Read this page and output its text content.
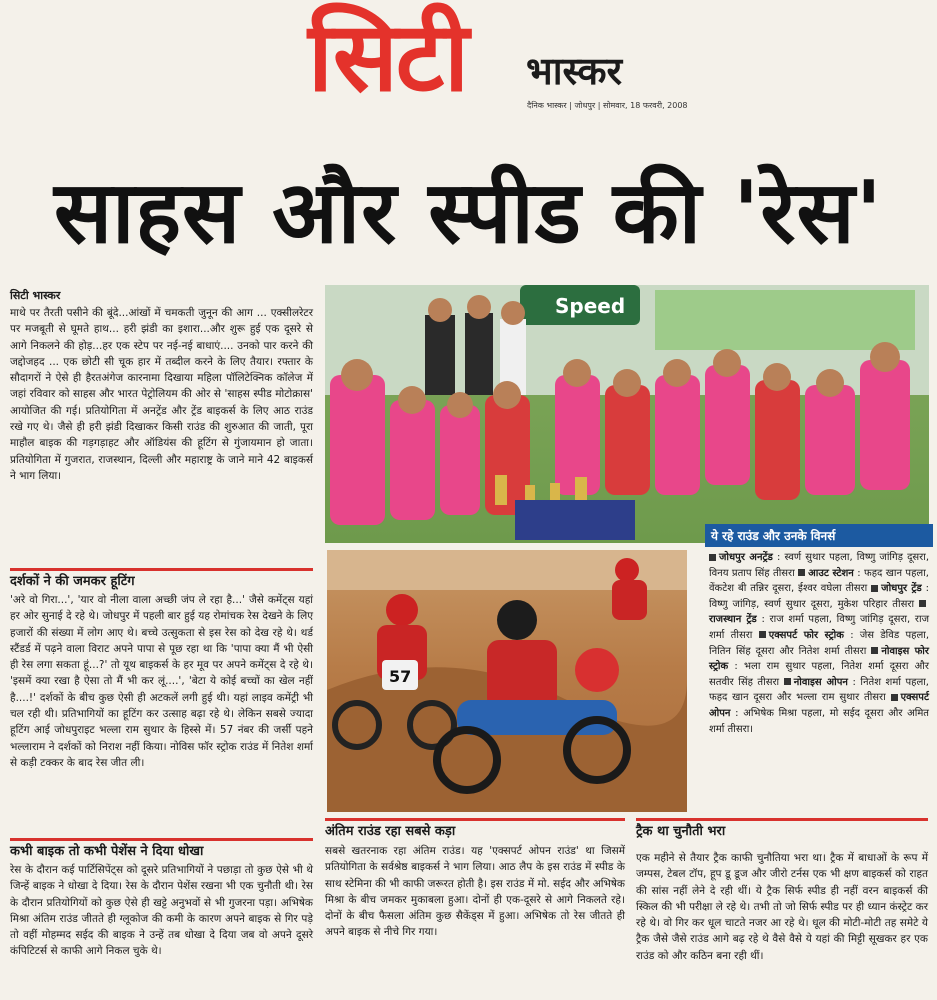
सिटी भास्कर
दैनिक भास्कर | जोधपुर | सोमवार, 18 फरवरी, 2008
साहस और स्पीड की 'रेस'
सिटी भास्कर
माथे पर तैरती पसीने की बूंदे...आंखों में चमकती जुनून की आग ... एक्सीलरेटर पर मजबूती से घूमते हाथ... हरी झंडी का इशारा...और शुरू हुई एक दूसरे से आगे निकलने की होड़...हर एक स्टेप पर नई-नई बाधाएं.... उनको पार करने की जद्दोजहद ... एक छोटी सी चूक हार में तब्दील करने के लिए तैयार। रफ्तार के सौदागरों ने ऐसे ही हैरतअंगेज कारनामा दिखाया महिला पॉलिटेक्निक कॉलेज में जहां रविवार को साहस और भारत पेट्रोलियम की ओर से 'साहस स्पीड मोटोक्रास' आयोजित की गई। प्रतियोगिता में अनट्रेंड और ट्रेंड बाइकर्स के लिए आठ राउंड रखे गए थे। जैसे ही हरी झंडी दिखाकर किसी राउंड की शुरुआत की जाती, पूरा माहौल बाइक की गड़गड़ाहट और ऑडियंस की हूटिंग से गुंजायमान हो जाता। प्रतियोगिता में गुजरात, राजस्थान, दिल्ली और महाराष्ट्र के जाने माने 42 बाइकर्स ने भाग लिया।
दर्शकों ने की जमकर हूटिंग
'अरे वो गिरा...', 'यार वो नीला वाला अच्छी जंप ले रहा है...' जैसे कमेंट्स यहां हर ओर सुनाई दे रहे थे। जोधपुर में पहली बार हुई यह रोमांचक रेस देखने के लिए हजारों की संख्या में लोग आए थे। बच्चे उत्सुकता से इस रेस को देख रहे थे। थर्ड स्टैंडर्ड में पढ़ने वाला विराट अपने पापा से पूछ रहा था कि 'पापा क्या मैं भी ऐसी ही रेस लगा सकता हूं...?' तो यूथ बाइकर्स के हर मूव पर अपने कमेंट्स दे रहे थे। 'इसमें क्या रखा है ऐसा तो मैं भी कर लूं....', 'बेटा ये कोई बच्चों का खेल नहीं है....!' दर्शकों के बीच कुछ ऐसी ही अटकलें लगी हुई थी। यहां लाइव कमेंट्री भी चल रही थी। प्रतिभागियों का हूटिंग कर उत्साह बढ़ा रहे थे। लेकिन सबसे ज्यादा हूटिंग आई जोधपुराइट भल्ला राम सुथार के हिस्से में। 57 नंबर की जर्सी पहने भल्लाराम ने दर्शकों को निराश नहीं किया। नोविस फॉर स्ट्रोक राउंड में नितेश शर्मा से कड़ी टक्कर के बाद रेस जीत ली।
कभी बाइक तो कभी पेशेंस ने दिया धोखा
रेस के दौरान कई पार्टिसिपेंट्स को दूसरे प्रतिभागियों ने पछाड़ा तो कुछ ऐसे भी थे जिन्हें बाइक ने धोखा दे दिया। रेस के दौरान पेशेंस रखना भी एक चुनौती थी। रेस के दौरान प्रतियोगियों को कुछ ऐसे ही खट्टे अनुभवों से भी गुजरना पड़ा। अभिषेक मिश्रा अंतिम राउंड जीतते ही ग्लूकोज की कमी के कारण अपने बाइक से गिर पड़े तो वहीं मोहम्मद सईद की बाइक ने उन्हें तब धोखा दे दिया जब वो अपने दूसरे कंपिटिटर्स से काफी आगे निकल चुके थे।
Speed
57
ये रहे राउंड और उनके विनर्स
जोधपुर अनट्रेंड : स्वर्ण सुथार पहला, विष्णु जांगिड़ दूसरा, विनय प्रताप सिंह तीसरा आउट स्टेशन : फहद खान पहला, वेंकटेश बी तन्निर दूसरा, ईश्वर वघेला तीसरा जोधपुर ट्रेंड : विष्णु जांगिड़, स्वर्ण सुथार दूसरा, मुकेश परिहार तीसरा राजस्थान ट्रेंड : राज शर्मा पहला, विष्णु जांगिड़ दूसरा, राज शर्मा तीसरा एक्सपर्ट फोर स्ट्रोक : जेस डेविड पहला, नितिन सिंह दूसरा और नितेश शर्मा तीसरा नोवाइस फोर स्ट्रोक : भला राम सुथार पहला, नितेश शर्मा दूसरा और सतवीर सिंह तीसरा नोवाइस ओपन : नितेश शर्मा पहला, फहद खान दूसरा और भल्ला राम सुथार तीसरा एक्सपर्ट ओपन : अभिषेक मिश्रा पहला, मो सईद दूसरा और अमित शर्मा तीसरा।
अंतिम राउंड रहा सबसे कड़ा
सबसे खतरनाक रहा अंतिम राउंड। यह 'एक्सपर्ट ओपन राउंड' था जिसमें प्रतियोगिता के सर्वश्रेष्ठ बाइकर्स ने भाग लिया। आठ लैप के इस राउंड में स्पीड के साथ स्टेमिना की भी काफी जरूरत होती है। इस राउंड में मो. सईद और अभिषेक मिश्रा के बीच जमकर मुकाबला हुआ। दोनों ही एक-दूसरे से आगे निकलते रहे। दोनों के बीच फैसला अंतिम कुछ सैकेंड्स में हुआ। अभिषेक तो रेस जीतते ही अपने बाइक से नीचे गिर गया।
ट्रैक था चुनौती भरा
एक महीने से तैयार ट्रैक काफी चुनौतिया भरा था। ट्रैक में बाधाओं के रूप में जम्पस, टेबल टॉप, हूप डू डूज और जीरो टर्नस एक भी क्षण बाइकर्स को राहत की सांस नहीं लेने दे रही थीं। ये ट्रैक सिर्फ स्पीड ही नहीं वरन बाइकर्स की स्किल की भी परीक्षा ले रहे थे। तभी तो जो सिर्फ स्पीड पर ही ध्यान कंस्ट्रेट कर रहे थे। वो गिर कर धूल चाटते नजर आ रहे थे। धूल की मोटी-मोटी तह समेटे ये ट्रैक जैसे जैसे राउंड आगे बढ़ रहे थे वैसे वैसे ये यहां की मिट्टी सूखकर हर एक राउंड को और कठिन बना रही थीं।
